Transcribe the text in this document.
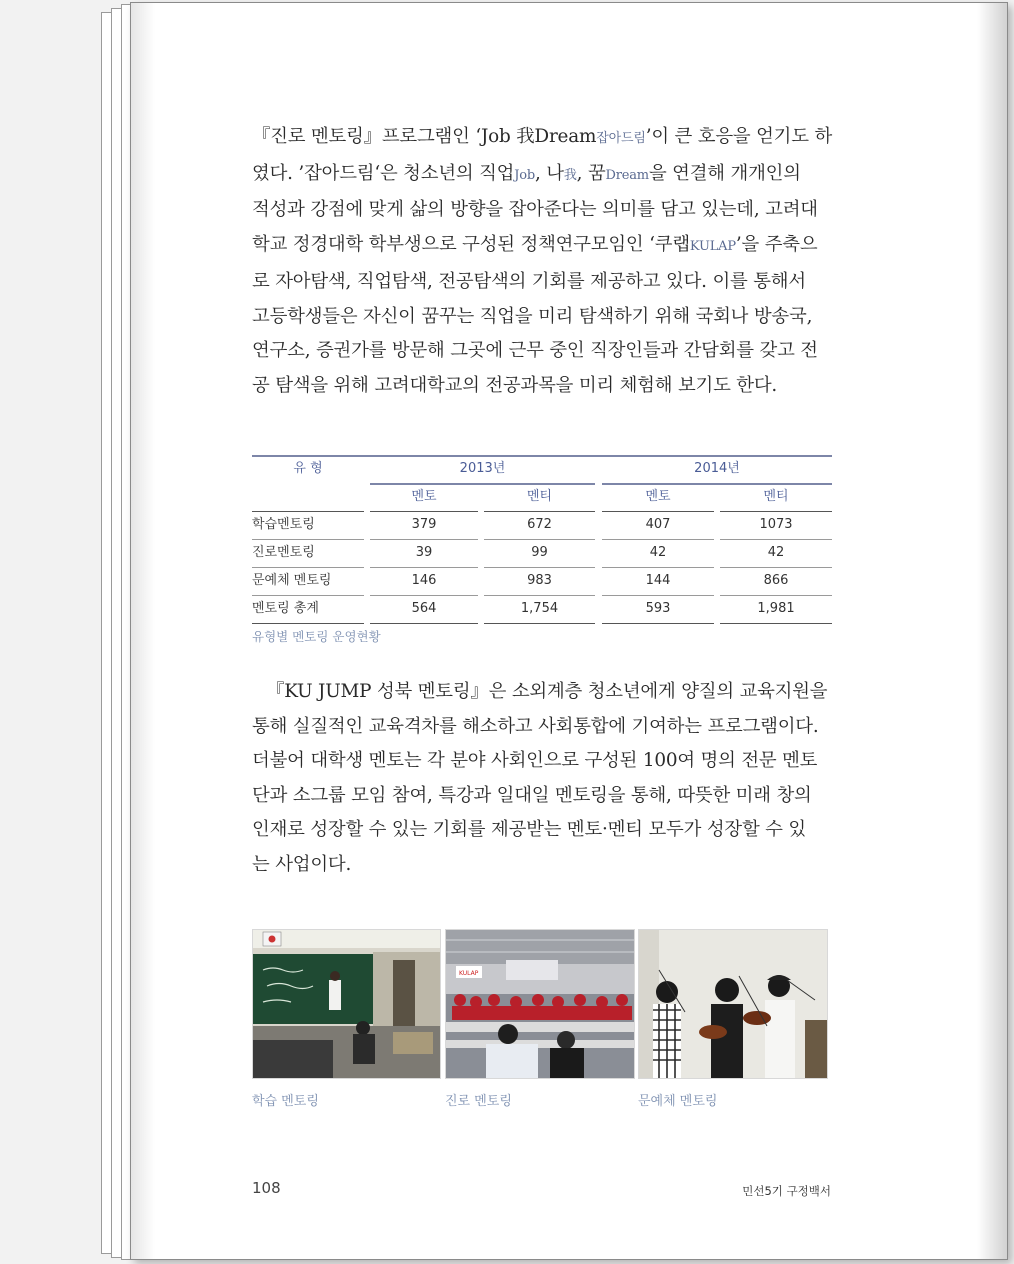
『진로 멘토링』프로그램인 ‘Job 我Dream잡아드림’이 큰 호응을 얻기도 하
였다. ’잡아드림‘은 청소년의 직업Job, 나我, 꿈Dream을 연결해 개개인의
적성과 강점에 맞게 삶의 방향을 잡아준다는 의미를 담고 있는데, 고려대
학교 정경대학 학부생으로 구성된 정책연구모임인 ‘쿠랩KULAP’을 주축으
로 자아탐색, 직업탐색, 전공탐색의 기회를 제공하고 있다. 이를 통해서
고등학생들은 자신이 꿈꾸는 직업을 미리 탐색하기 위해 국회나 방송국,
연구소, 증권가를 방문해 그곳에 근무 중인 직장인들과 간담회를 갖고 전
공 탐색을 위해 고려대학교의 전공과목을 미리 체험해 보기도 한다.
유 형	2013년	2014년
멘토	멘티	멘토	멘티
학습멘토링	379	672	407	1073
진로멘토링	39	99	42	42
문예체 멘토링	146	983	144	866
멘토링 총계	564	1,754	593	1,981
유형별 멘토링 운영현황
『KU JUMP 성북 멘토링』은 소외계층 청소년에게 양질의 교육지원을
통해 실질적인 교육격차를 해소하고 사회통합에 기여하는 프로그램이다.
더불어 대학생 멘토는 각 분야 사회인으로 구성된 100여 명의 전문 멘토
단과 소그룹 모임 참여, 특강과 일대일 멘토링을 통해, 따뜻한 미래 창의
인재로 성장할 수 있는 기회를 제공받는 멘토·멘티 모두가 성장할 수 있
는 사업이다.
KULAP
학습 멘토링	진로 멘토링	문예체 멘토링
108	민선5기 구정백서
